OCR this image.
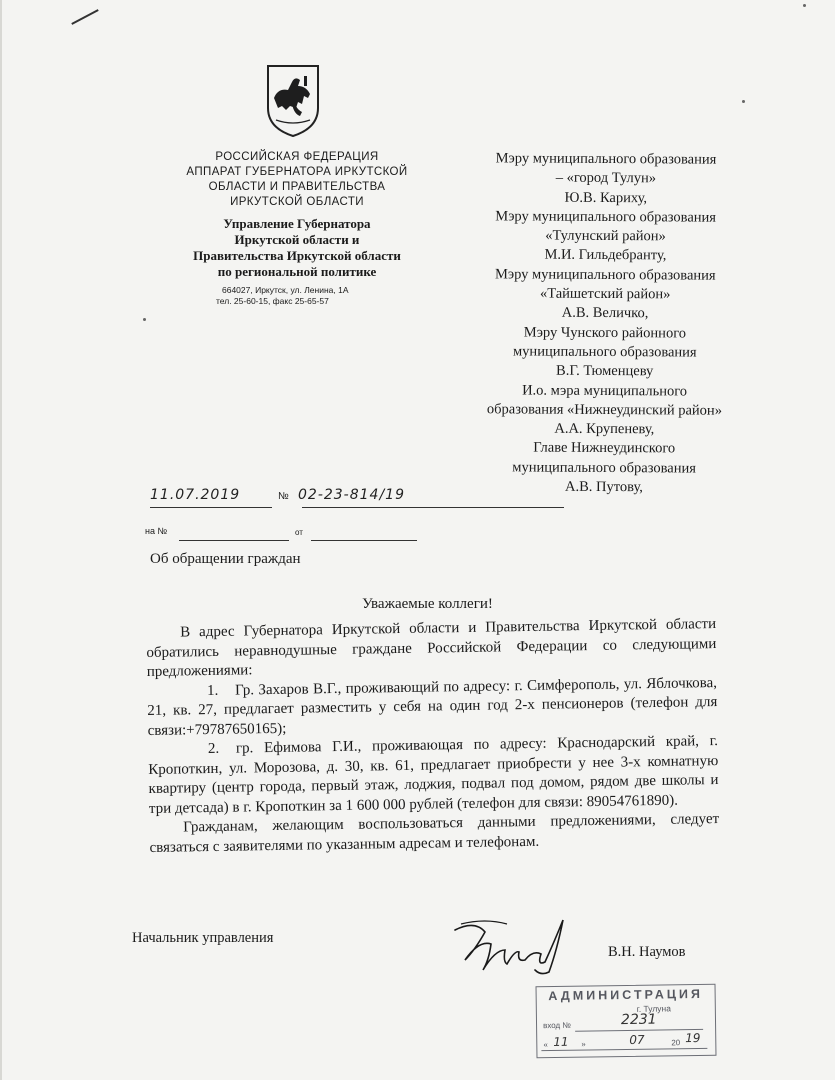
РОССИЙСКАЯ ФЕДЕРАЦИЯ
АППАРАТ ГУБЕРНАТОРА ИРКУТСКОЙ
ОБЛАСТИ И ПРАВИТЕЛЬСТВА
ИРКУТСКОЙ ОБЛАСТИ
Управление Губернатора
Иркутской области и
Правительства Иркутской области
по региональной политике
664027, Иркутск, ул. Ленина, 1А
тел. 25-60-15, факс 25-65-57
Мэру муниципального образования
– «город Тулун»
Ю.В. Кариху,
Мэру муниципального образования
«Тулунский район»
М.И. Гильдебранту,
Мэру муниципального образования
«Тайшетский район»
А.В. Величко,
Мэру Чунского районного
муниципального образования
В.Г. Тюменцеву
И.о. мэра муниципального
образования «Нижнеудинский район»
А.А. Крупеневу,
Главе Нижнеудинского
муниципального образования
А.В. Путову,
11.07.2019	№ 02-23-814/19
на №	от
Об обращении граждан
Уважаемые коллеги!

В адрес Губернатора Иркутской области и Правительства Иркутской области обратились неравнодушные граждане Российской Федерации со следующими предложениями:

1. Гр. Захаров В.Г., проживающий по адресу: г. Симферополь, ул. Яблочкова, 21, кв. 27, предлагает разместить у себя на один год 2-х пенсионеров (телефон для связи:+79787650165);

2. гр. Ефимова Г.И., проживающая по адресу: Краснодарский край, г. Кропоткин, ул. Морозова, д. 30, кв. 61, предлагает приобрести у нее 3-х комнатную квартиру (центр города, первый этаж, лоджия, подвал под домом, рядом две школы и три детсада) в г. Кропоткин за 1 600 000 рублей (телефон для связи: 89054761890).

Гражданам, желающим воспользоваться данными предложениями, следует связаться с заявителями по указанным адресам и телефонам.

Начальник управления
В.Н. Наумов
АДМИНИСТРАЦИЯ
г. Тулуна
вход №	2231
« 11 »	07	20 19
